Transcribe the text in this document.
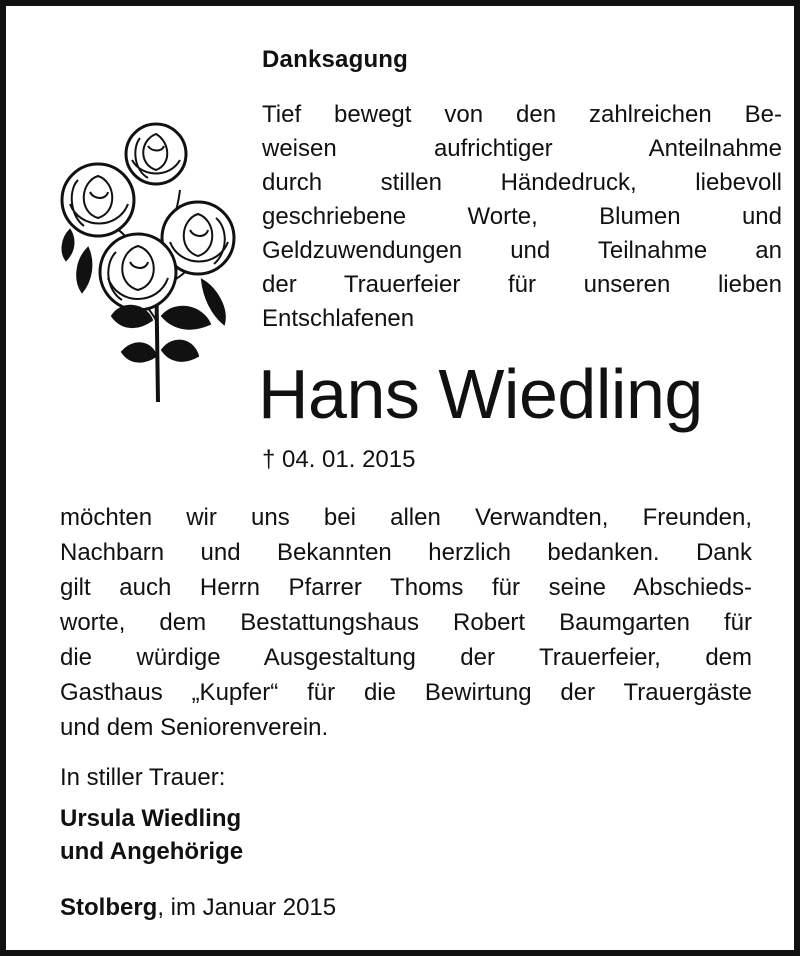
Danksagung
Tief bewegt von den zahlreichen Be-
weisen aufrichtiger Anteilnahme
durch stillen Händedruck, liebevoll
geschriebene Worte, Blumen und
Geldzuwendungen und Teilnahme an
der Trauerfeier für unseren lieben
Entschlafenen
Hans Wiedling
† 04. 01. 2015
möchten wir uns bei allen Verwandten, Freunden,
Nachbarn und Bekannten herzlich bedanken. Dank
gilt auch Herrn Pfarrer Thoms für seine Abschieds-
worte, dem Bestattungshaus Robert Baumgarten für
die würdige Ausgestaltung der Trauerfeier, dem
Gasthaus „Kupfer“ für die Bewirtung der Trauergäste
und dem Seniorenverein.
In stiller Trauer:
Ursula Wiedling
und Angehörige
Stolberg, im Januar 2015
